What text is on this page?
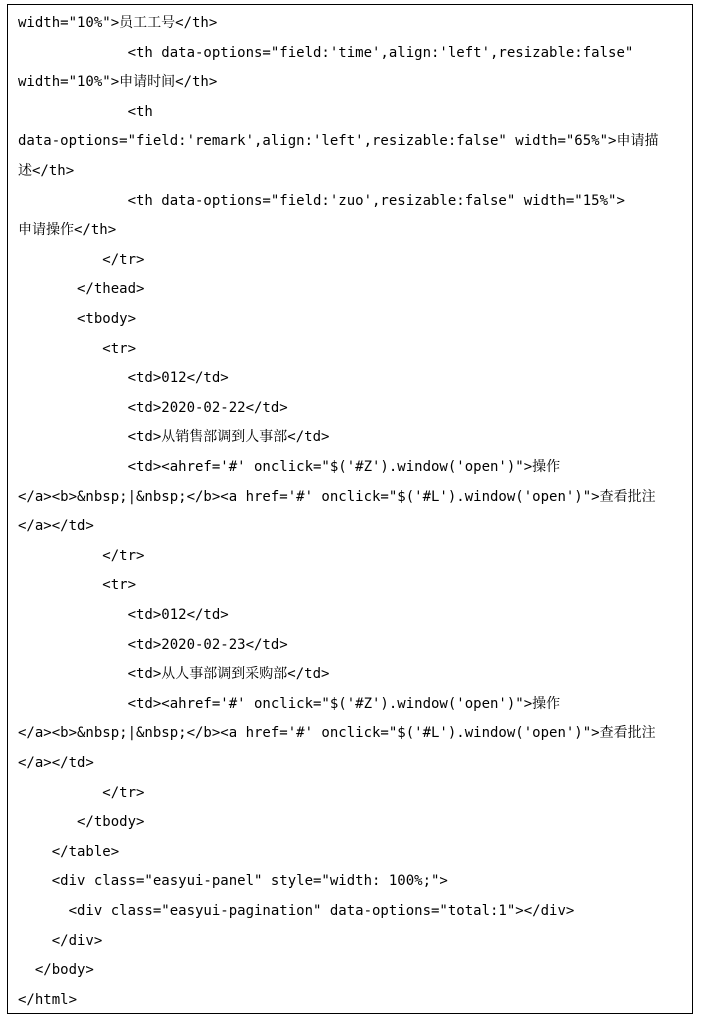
width="10%">员工工号</th>
<th data-options="field:'time',align:'left',resizable:false"
width="10%">申请时间</th>
<th
data-options="field:'remark',align:'left',resizable:false" width="65%">申请描
述</th>
<th data-options="field:'zuo',resizable:false" width="15%">
申请操作</th>
</tr>
</thead>
<tbody>
<tr>
<td>012</td>
<td>2020-02-22</td>
<td>从销售部调到人事部</td>
<td><ahref='#' onclick="$('#Z').window('open')">操作
</a><b>&nbsp;|&nbsp;</b><a href='#' onclick="$('#L').window('open')">查看批注
</a></td>
</tr>
<tr>
<td>012</td>
<td>2020-02-23</td>
<td>从人事部调到采购部</td>
<td><ahref='#' onclick="$('#Z').window('open')">操作
</a><b>&nbsp;|&nbsp;</b><a href='#' onclick="$('#L').window('open')">查看批注
</a></td>
</tr>
</tbody>
</table>
<div class="easyui-panel" style="width: 100%;">
<div class="easyui-pagination" data-options="total:1"></div>
</div>
</body>
</html>
